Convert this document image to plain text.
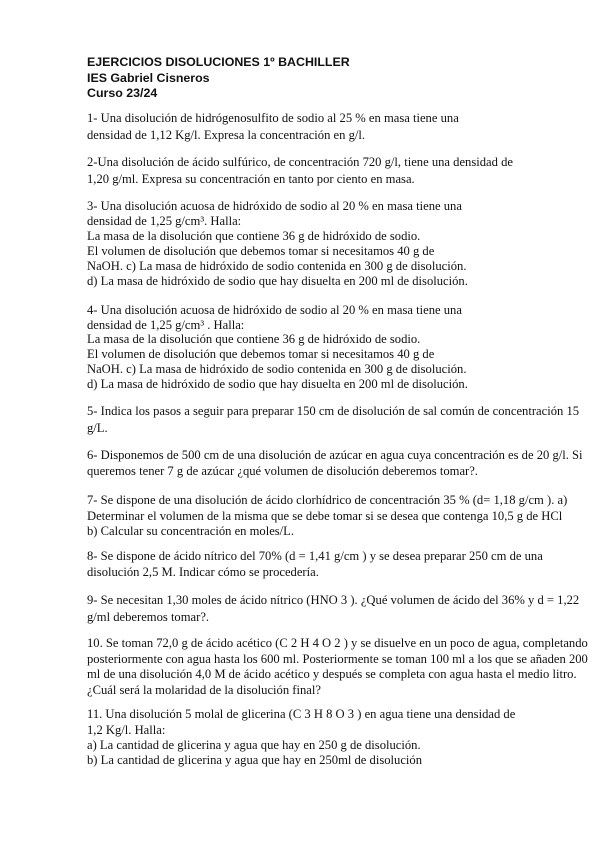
EJERCICIOS DISOLUCIONES 1º BACHILLER
IES Gabriel Cisneros
Curso 23/24
1- Una disolución de hidrógenosulfito de sodio al 25 % en masa tiene una
densidad de 1,12 Kg/l. Expresa la concentración en g/l.
2-Una disolución de ácido sulfúrico, de concentración 720 g/l, tiene una densidad de
1,20 g/ml. Expresa su concentración en tanto por ciento en masa.
3- Una disolución acuosa de hidróxido de sodio al 20 % en masa tiene una
densidad de 1,25 g/cm³. Halla:
La masa de la disolución que contiene 36 g de hidróxido de sodio.
El volumen de disolución que debemos tomar si necesitamos 40 g de
NaOH. c) La masa de hidróxido de sodio contenida en 300 g de disolución.
d) La masa de hidróxido de sodio que hay disuelta en 200 ml de disolución.
4- Una disolución acuosa de hidróxido de sodio al 20 % en masa tiene una
densidad de 1,25 g/cm³ . Halla:
La masa de la disolución que contiene 36 g de hidróxido de sodio.
El volumen de disolución que debemos tomar si necesitamos 40 g de
NaOH. c) La masa de hidróxido de sodio contenida en 300 g de disolución.
d) La masa de hidróxido de sodio que hay disuelta en 200 ml de disolución.
5- Indica los pasos a seguir para preparar 150 cm de disolución de sal común de concentración 15
g/L.
6- Disponemos de 500 cm de una disolución de azúcar en agua cuya concentración es de 20 g/l. Si
queremos tener 7 g de azúcar ¿qué volumen de disolución deberemos tomar?.
7- Se dispone de una disolución de ácido clorhídrico de concentración 35 % (d= 1,18 g/cm ). a)
Determinar el volumen de la misma que se debe tomar si se desea que contenga 10,5 g de HCl
b) Calcular su concentración en moles/L.
8- Se dispone de ácido nítrico del 70% (d = 1,41 g/cm ) y se desea preparar 250 cm de una
disolución 2,5 M. Indicar cómo se procedería.
9- Se necesitan 1,30 moles de ácido nítrico (HNO 3 ). ¿Qué volumen de ácido del 36% y d = 1,22
g/ml deberemos tomar?.
10. Se toman 72,0 g de ácido acético (C 2 H 4 O 2 ) y se disuelve en un poco de agua, completando
posteriormente con agua hasta los 600 ml. Posteriormente se toman 100 ml a los que se añaden 200
ml de una disolución 4,0 M de ácido acético y después se completa con agua hasta el medio litro.
¿Cuál será la molaridad de la disolución final?
11. Una disolución 5 molal de glicerina (C 3 H 8 O 3 ) en agua tiene una densidad de
1,2 Kg/l. Halla:
a) La cantidad de glicerina y agua que hay en 250 g de disolución.
b) La cantidad de glicerina y agua que hay en 250ml de disolución
